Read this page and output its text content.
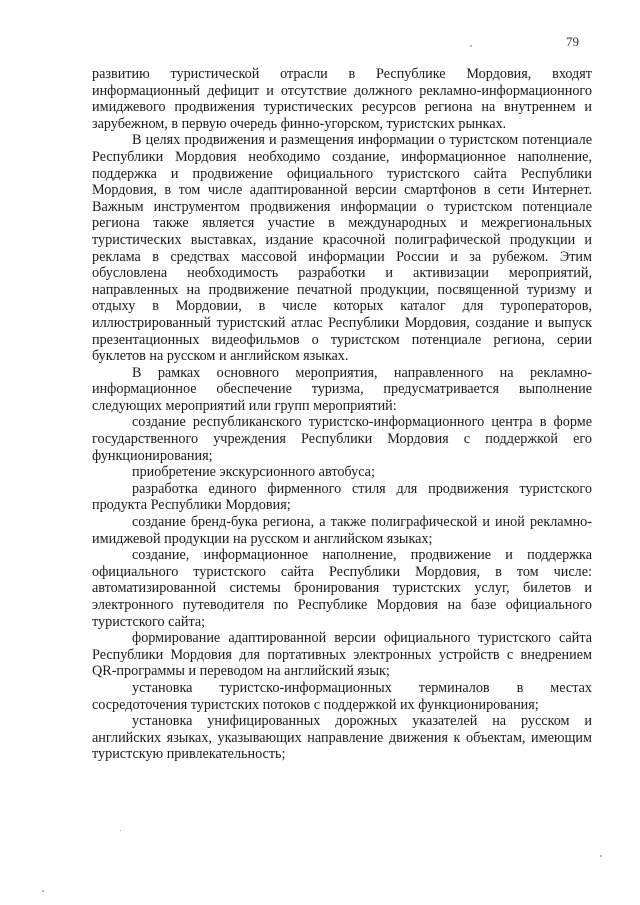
79

развитию туристической отрасли в Республике Мордовия, входят информационный дефицит и отсутствие должного рекламно-информационного имиджевого продвижения туристических ресурсов региона на внутреннем и зарубежном, в первую очередь финно-угорском, туристских рынках.

В целях продвижения и размещения информации о туристском потенциале Республики Мордовия необходимо создание, информационное наполнение, поддержка и продвижение официального туристского сайта Республики Мордовия, в том числе адаптированной версии смартфонов в сети Интернет. Важным инструментом продвижения информации о туристском потенциале региона также является участие в международных и межрегиональных туристических выставках, издание красочной полиграфической продукции и реклама в средствах массовой информации России и за рубежом. Этим обусловлена необходимость разработки и активизации мероприятий, направленных на продвижение печатной продукции, посвященной туризму и отдыху в Мордовии, в числе которых каталог для туроператоров, иллюстрированный туристский атлас Республики Мордовия, создание и выпуск презентационных видеофильмов о туристском потенциале региона, серии буклетов на русском и английском языках.

В рамках основного мероприятия, направленного на рекламно-информационное обеспечение туризма, предусматривается выполнение следующих мероприятий или групп мероприятий:

создание республиканского туристско-информационного центра в форме государственного учреждения Республики Мордовия с поддержкой его функционирования;

приобретение экскурсионного автобуса;

разработка единого фирменного стиля для продвижения туристского продукта Республики Мордовия;

создание бренд-бука региона, а также полиграфической и иной рекламно-имиджевой продукции на русском и английском языках;

создание, информационное наполнение, продвижение и поддержка официального туристского сайта Республики Мордовия, в том числе: автоматизированной системы бронирования туристских услуг, билетов и электронного путеводителя по Республике Мордовия на базе официального туристского сайта;

формирование адаптированной версии официального туристского сайта Республики Мордовия для портативных электронных устройств с внедрением QR-программы и переводом на английский язык;

установка туристско-информационных терминалов в местах сосредоточения туристских потоков с поддержкой их функционирования;

установка унифицированных дорожных указателей на русском и английских языках, указывающих направление движения к объектам, имеющим туристскую привлекательность;
